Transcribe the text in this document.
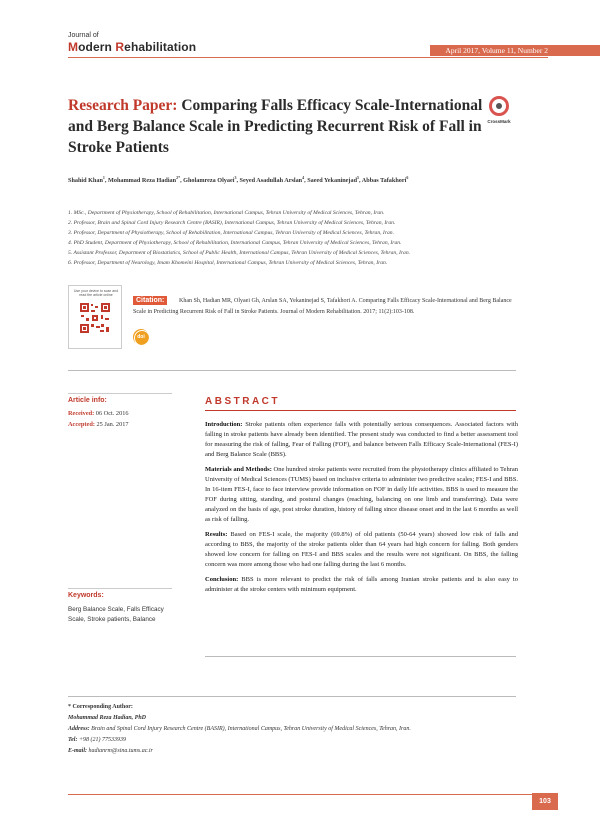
Journal of
Modern Rehabilitation	April 2017, Volume 11, Number 2
Research Paper: Comparing Falls Efficacy Scale-International and Berg Balance Scale in Predicting Recurrent Risk of Fall in Stroke Patients
CrossMark
Shahid Khan$^1$, Mohammad Reza Hadian$^{2*}$, Gholamreza Olyaei$^3$, Seyed Asadullah Arslan$^4$, Saeed Yekaninejad$^5$, Abbas Tafakhori$^6$
1. MSc., Department of Physiotherapy, School of Rehabilitation, International Campus, Tehran University of Medical Sciences, Tehran, Iran.
2. Professor, Brain and Spinal Cord Injury Research Centre (BASIR), International Campus, Tehran University of Medical Sciences, Tehran, Iran.
3. Professor, Department of Physiotherapy, School of Rehabilitation, International Campus, Tehran University of Medical Sciences, Tehran, Iran.
4. PhD Student, Department of Physiotherapy, School of Rehabilitation, International Campus, Tehran University of Medical Sciences, Tehran, Iran.
5. Assistant Professor, Department of Biostatistics, School of Public Health, International Campus, Tehran University of Medical Sciences, Tehran, Iran.
6. Professor, Department of Neurology, Imam Khomeini Hospital, International Campus, Tehran University of Medical Sciences, Tehran, Iran.
Use your device to scan and read the article online
Khan Sh, Hadian MR, Olyaei Gh, Arslan SA, Yekaninejad S, Tafakhori A. Comparing Falls Efficacy Scale-International and Berg Balance Scale in Predicting Recurrent Risk of Fall in Stroke Patients. Journal of Modern Rehabilitation. 2017; 11(2):103-108.
Citation:
doi
Article info:
Received: 06 Oct. 2016
Accepted: 25 Jan. 2017
Keywords:
Berg Balance Scale, Falls Efficacy Scale, Stroke patients, Balance
ABSTRACT

Introduction: Stroke patients often experience falls with potentially serious consequences. Associated factors with falling in stroke patients have already been identified. The present study was conducted to find a better assessment tool for measuring the risk of falling, Fear of Falling (FOF), and balance between Falls Efficacy Scale-International (FES-I) and Berg Balance Scale (BBS).

Materials and Methods: One hundred stroke patients were recruited from the physiotherapy clinics affiliated to Tehran University of Medical Sciences (TUMS) based on inclusive criteria to administer two predictive scales; FES-I and BBS. In 16-item FES-I, face to face interview provide information on FOF in daily life activities. BBS is used to measure the FOF during sitting, standing, and postural changes (reaching, balancing on one limb and transferring). Data were analyzed on the basis of age, post stroke duration, history of falling since disease onset and in the last 6 months as well as risk of falling.

Results: Based on FES-I scale, the majority (69.8%) of old patients (50-64 years) showed low risk of falls and according to BBS, the majority of the stroke patients older than 64 years had high concern for falling. Both genders showed low concern for falling on FES-I and BBS scales and the results were not significant. On BBS, the falling concern was more among those who had one falling during the last 6 months.

Conclusion: BBS is more relevant to predict the risk of falls among Iranian stroke patients and is also easy to administer at the stroke centers with minimum equipment.

* Corresponding Author:
Mohammad Reza Hadian, PhD
Address: Brain and Spinal Cord Injury Research Centre (BASIR), International Campus, Tehran University of Medical Sciences, Tehran, Iran.
Tel: +98 (21) 77533939
E-mail: hadianrm@sina.tums.ac.ir
103
